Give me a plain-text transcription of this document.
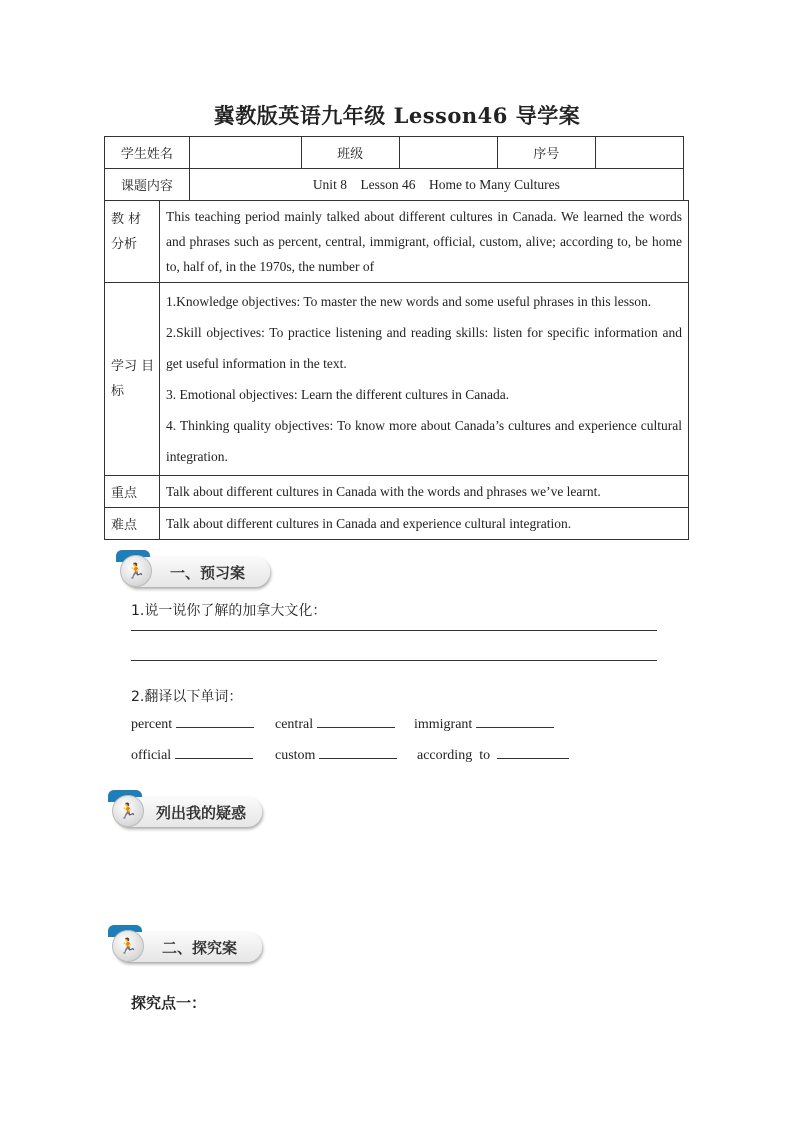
冀教版英语九年级 Lesson46 导学案
学生姓名		班级		序号	
课题内容	Unit 8    Lesson 46    Home to Many Cultures				
教 材 分析	This teaching period mainly talked about different cultures in Canada. We learned the words and phrases such as percent, central, immigrant, official, custom, alive; according to, be home to, half of, in the 1970s, the number of
学习 目标	1.Knowledge objectives: To master the new words and some useful phrases in this lesson.
2.Skill objectives: To practice listening and reading skills: listen for specific information and get useful information in the text.
3. Emotional objectives: Learn the different cultures in Canada.
4. Thinking quality objectives: To know more about Canada’s cultures and experience cultural integration.

重点	Talk about different cultures in Canada with the words and phrases we’ve learnt.
难点	Talk about different cultures in Canada and experience cultural integration.
🏃	一、预习案
1.说一说你了解的加拿大文化：
2.翻译以下单词：
percent	central	immigrant
official	custom	according  to
🏃	列出我的疑惑
🏃	二、探究案
探究点一：
